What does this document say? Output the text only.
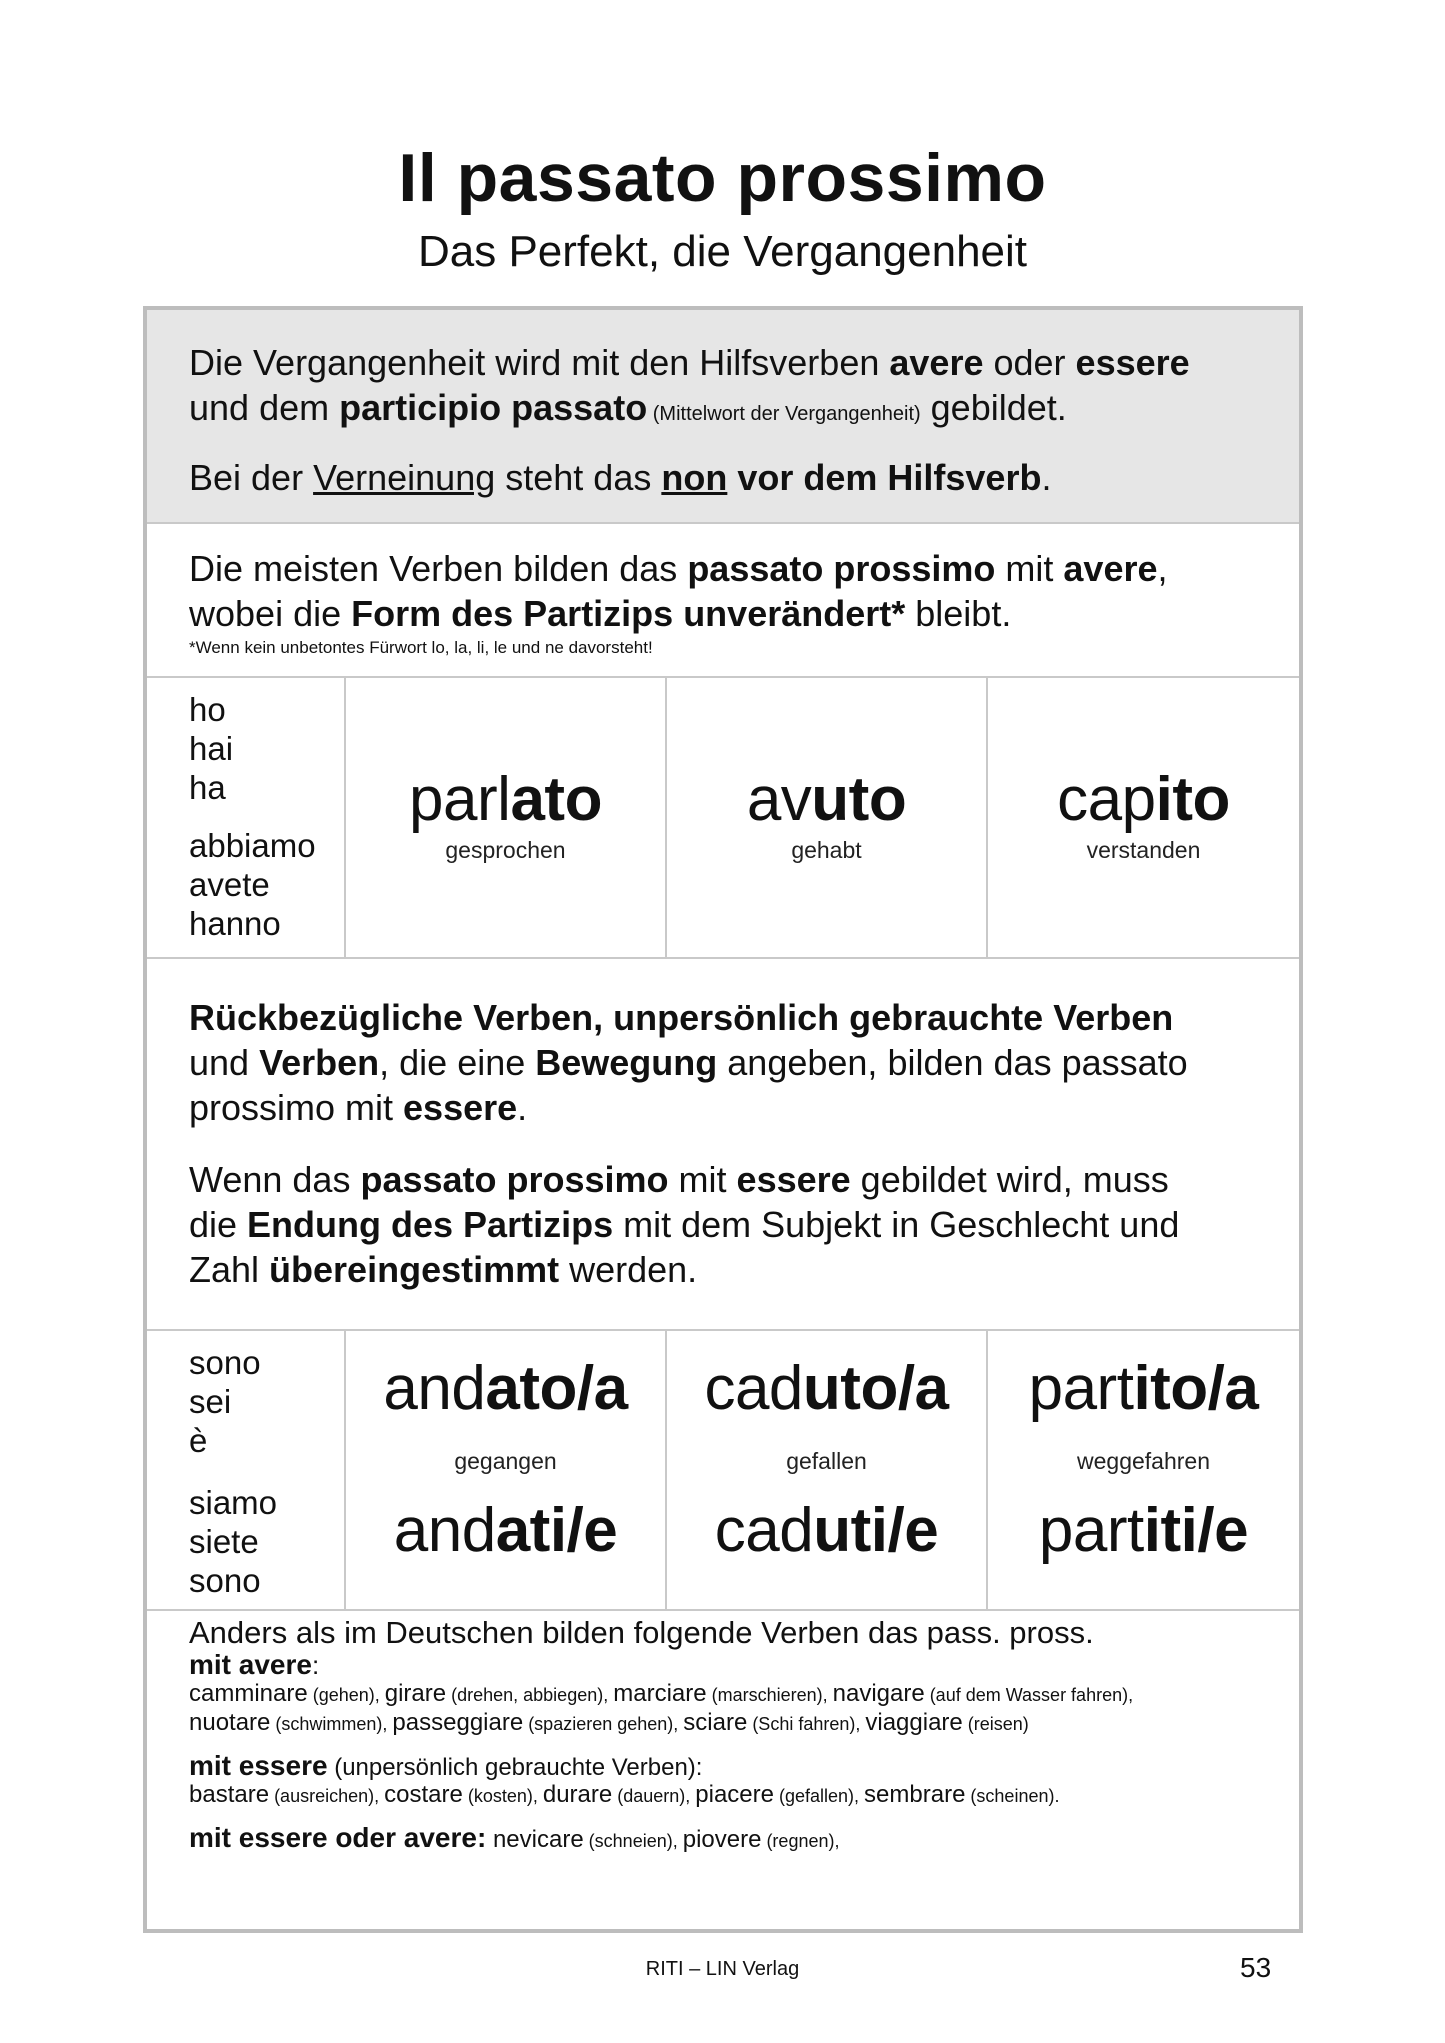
Il passato prossimo
Das Perfekt, die Vergangenheit

Die Vergangenheit wird mit den Hilfsverben avere oder essere

und dem participio passato (Mittelwort der Vergangenheit) gebildet.

Bei der Verneinung steht das non vor dem Hilfsverb.

Die meisten Verben bilden das passato prossimo mit avere,

wobei die Form des Partizips unverändert* bleibt.

*Wenn kein unbetontes Fürwort lo, la, li, le und ne davorsteht!

ho
hai
ha
abbiamo
avete
hanno
parlato
gesprochen
avuto
gehabt
capito
verstanden

Rückbezügliche Verben, unpersönlich gebrauchte Verben

und Verben, die eine Bewegung angeben, bilden das passato

prossimo mit essere.

Wenn das passato prossimo mit essere gebildet wird, muss

die Endung des Partizips mit dem Subjekt in Geschlecht und

Zahl übereingestimmt werden.

sono
sei
è
siamo
siete
sono
andato/a
gegangen
andati/e
caduto/a
gefallen
caduti/e
partito/a
weggefahren
partiti/e

Anders als im Deutschen bilden folgende Verben das pass. pross.

mit avere:
camminare (gehen), girare (drehen, abbiegen), marciare (marschieren), navigare (auf dem Wasser fahren),
nuotare (schwimmen), passeggiare (spazieren gehen), sciare (Schi fahren), viaggiare (reisen)
mit essere (unpersönlich gebrauchte Verben):
bastare (ausreichen), costare (kosten), durare (dauern), piacere (gefallen), sembrare (scheinen).
mit essere oder avere: nevicare (schneien), piovere (regnen),
RITI – LIN Verlag	53
